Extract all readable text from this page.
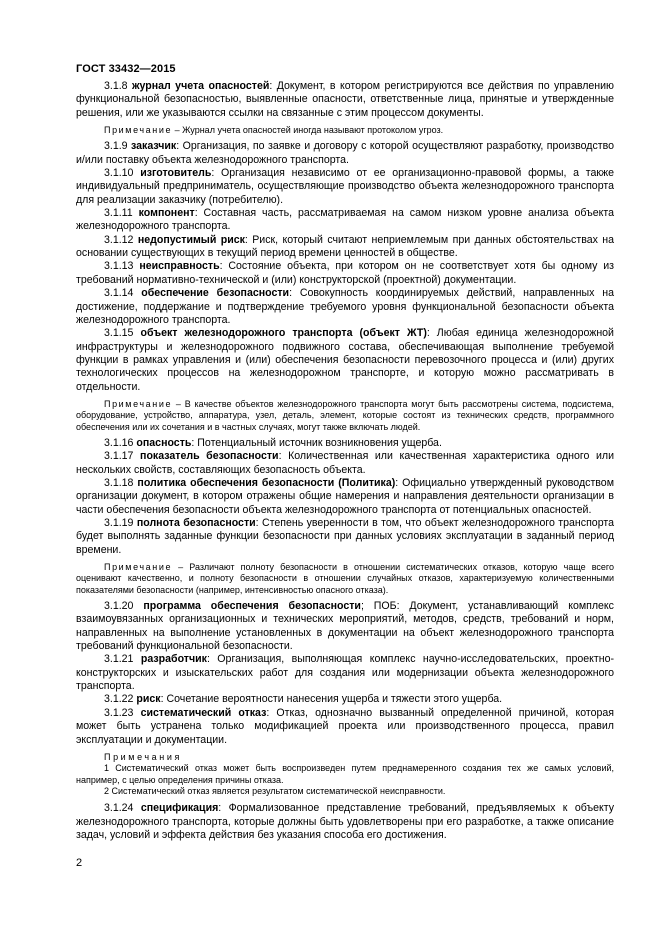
ГОСТ 33432—2015

3.1.8 журнал учета опасностей: Документ, в котором регистрируются все действия по управлению функциональной безопасностью, выявленные опасности, ответственные лица, принятые и утвержденные решения, или же указываются ссылки на связанные с этим процессом документы.

Примечание – Журнал учета опасностей иногда называют протоколом угроз.

3.1.9 заказчик: Организация, по заявке и договору с которой осуществляют разработку, производство и/или поставку объекта железнодорожного транспорта.

3.1.10 изготовитель: Организация независимо от ее организационно-правовой формы, а также индивидуальный предприниматель, осуществляющие производство объекта железнодорожного транспорта для реализации заказчику (потребителю).

3.1.11 компонент: Составная часть, рассматриваемая на самом низком уровне анализа объекта железнодорожного транспорта.

3.1.12 недопустимый риск: Риск, который считают неприемлемым при данных обстоятельствах на основании существующих в текущий период времени ценностей в обществе.

3.1.13 неисправность: Состояние объекта, при котором он не соответствует хотя бы одному из требований нормативно-технической и (или) конструкторской (проектной) документации.

3.1.14 обеспечение безопасности: Совокупность координируемых действий, направленных на достижение, поддержание и подтверждение требуемого уровня функциональной безопасности объекта железнодорожного транспорта.

3.1.15 объект железнодорожного транспорта (объект ЖТ): Любая единица железнодорожной инфраструктуры и железнодорожного подвижного состава, обеспечивающая выполнение требуемой функции в рамках управления и (или) обеспечения безопасности перевозочного процесса и (или) других технологических процессов на железнодорожном транспорте, и которую можно рассматривать в отдельности.

Примечание – В качестве объектов железнодорожного транспорта могут быть рассмотрены система, подсистема, оборудование, устройство, аппаратура, узел, деталь, элемент, которые состоят из технических средств, программного обеспечения или их сочетания и в частных случаях, могут также включать людей.

3.1.16 опасность: Потенциальный источник возникновения ущерба.

3.1.17 показатель безопасности: Количественная или качественная характеристика одного или нескольких свойств, составляющих безопасность объекта.

3.1.18 политика обеспечения безопасности (Политика): Официально утвержденный руководством организации документ, в котором отражены общие намерения и направления деятельности организации в части обеспечения безопасности объекта железнодорожного транспорта от потенциальных опасностей.

3.1.19 полнота безопасности: Степень уверенности в том, что объект железнодорожного транспорта будет выполнять заданные функции безопасности при данных условиях эксплуатации в заданный период времени.

Примечание – Различают полноту безопасности в отношении систематических отказов, которую чаще всего оценивают качественно, и полноту безопасности в отношении случайных отказов, характеризуемую количественными показателями безопасности (например, интенсивностью опасного отказа).

3.1.20 программа обеспечения безопасности; ПОБ: Документ, устанавливающий комплекс взаимоувязанных организационных и технических мероприятий, методов, средств, требований и норм, направленных на выполнение установленных в документации на объект железнодорожного транспорта требований функциональной безопасности.

3.1.21 разработчик: Организация, выполняющая комплекс научно-исследовательских, проектно-конструкторских и изыскательских работ для создания или модернизации объекта железнодорожного транспорта.

3.1.22 риск: Сочетание вероятности нанесения ущерба и тяжести этого ущерба.

3.1.23 систематический отказ: Отказ, однозначно вызванный определенной причиной, которая может быть устранена только модификацией проекта или производственного процесса, правил эксплуатации и документации.

Примечания

1 Систематический отказ может быть воспроизведен путем преднамеренного создания тех же самых условий, например, с целью определения причины отказа.

2 Систематический отказ является результатом систематической неисправности.

3.1.24 спецификация: Формализованное представление требований, предъявляемых к объекту железнодорожного транспорта, которые должны быть удовлетворены при его разработке, а также описание задач, условий и эффекта действия без указания способа его достижения.

2
